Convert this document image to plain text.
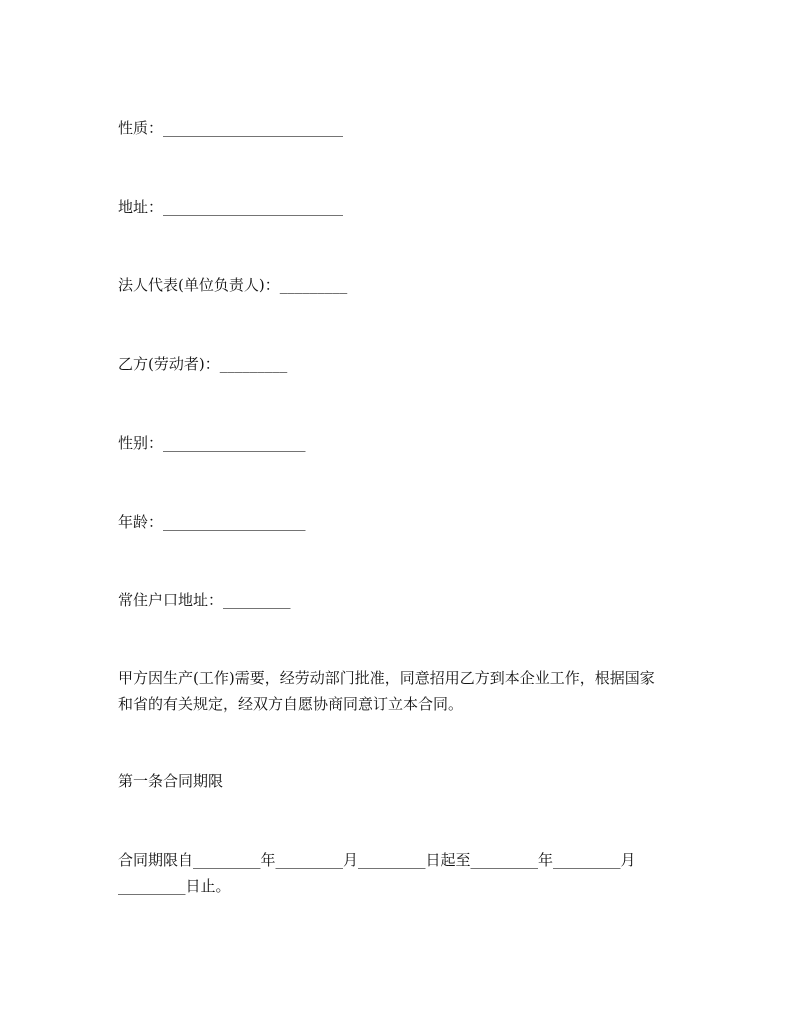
性质：________________________
地址：________________________
法人代表(单位负责人)：_________
乙方(劳动者)：_________
性别：___________________
年龄：___________________
常住户口地址：_________
甲方因生产(工作)需要，经劳动部门批准，同意招用乙方到本企业工作，根据国家
和省的有关规定，经双方自愿协商同意订立本合同。
第一条合同期限
合同期限自_________年_________月_________日起至_________年_________月
_________日止。
